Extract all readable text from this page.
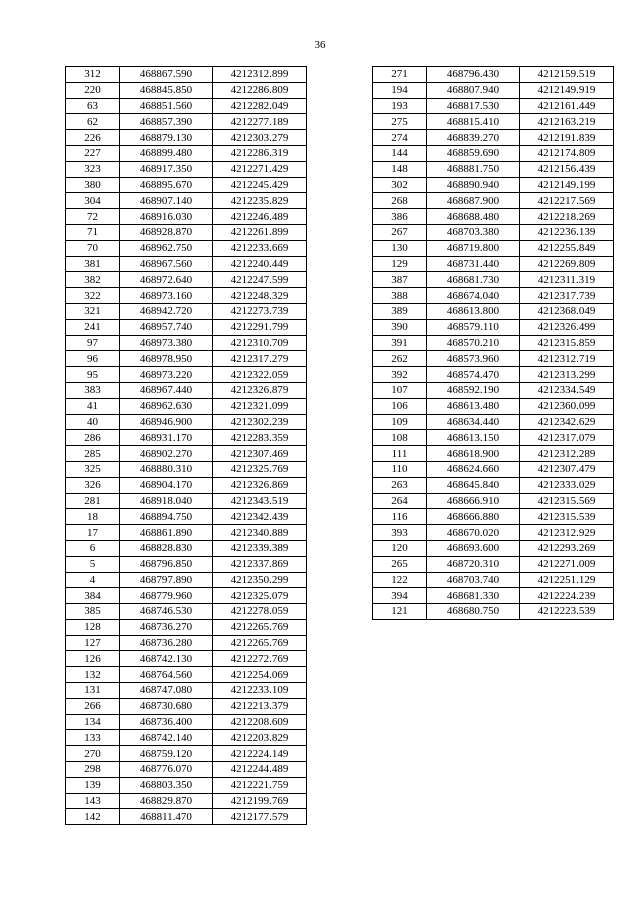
36
312	468867.590	4212312.899
220	468845.850	4212286.809
63	468851.560	4212282.049
62	468857.390	4212277.189
226	468879.130	4212303.279
227	468899.480	4212286.319
323	468917.350	4212271.429
380	468895.670	4212245.429
304	468907.140	4212235.829
72	468916.030	4212246.489
71	468928.870	4212261.899
70	468962.750	4212233.669
381	468967.560	4212240.449
382	468972.640	4212247.599
322	468973.160	4212248.329
321	468942.720	4212273.739
241	468957.740	4212291.799
97	468973.380	4212310.709
96	468978.950	4212317.279
95	468973.220	4212322.059
383	468967.440	4212326.879
41	468962.630	4212321.099
40	468946.900	4212302.239
286	468931.170	4212283.359
285	468902.270	4212307.469
325	468880.310	4212325.769
326	468904.170	4212326.869
281	468918.040	4212343.519
18	468894.750	4212342.439
17	468861.890	4212340.889
6	468828.830	4212339.389
5	468796.850	4212337.869
4	468797.890	4212350.299
384	468779.960	4212325.079
385	468746.530	4212278.059
128	468736.270	4212265.769
127	468736.280	4212265.769
126	468742.130	4212272.769
132	468764.560	4212254.069
131	468747.080	4212233.109
266	468730.680	4212213.379
134	468736.400	4212208.609
133	468742.140	4212203.829
270	468759.120	4212224.149
298	468776.070	4212244.489
139	468803.350	4212221.759
143	468829.870	4212199.769
142	468811.470	4212177.579
271	468796.430	4212159.519
194	468807.940	4212149.919
193	468817.530	4212161.449
275	468815.410	4212163.219
274	468839.270	4212191.839
144	468859.690	4212174.809
148	468881.750	4212156.439
302	468890.940	4212149.199
268	468687.900	4212217.569
386	468688.480	4212218.269
267	468703.380	4212236.139
130	468719.800	4212255.849
129	468731.440	4212269.809
387	468681.730	4212311.319
388	468674.040	4212317.739
389	468613.800	4212368.049
390	468579.110	4212326.499
391	468570.210	4212315.859
262	468573.960	4212312.719
392	468574.470	4212313.299
107	468592.190	4212334.549
106	468613.480	4212360.099
109	468634.440	4212342.629
108	468613.150	4212317.079
111	468618.900	4212312.289
110	468624.660	4212307.479
263	468645.840	4212333.029
264	468666.910	4212315.569
116	468666.880	4212315.539
393	468670.020	4212312.929
120	468693.600	4212293.269
265	468720.310	4212271.009
122	468703.740	4212251.129
394	468681.330	4212224.239
121	468680.750	4212223.539
